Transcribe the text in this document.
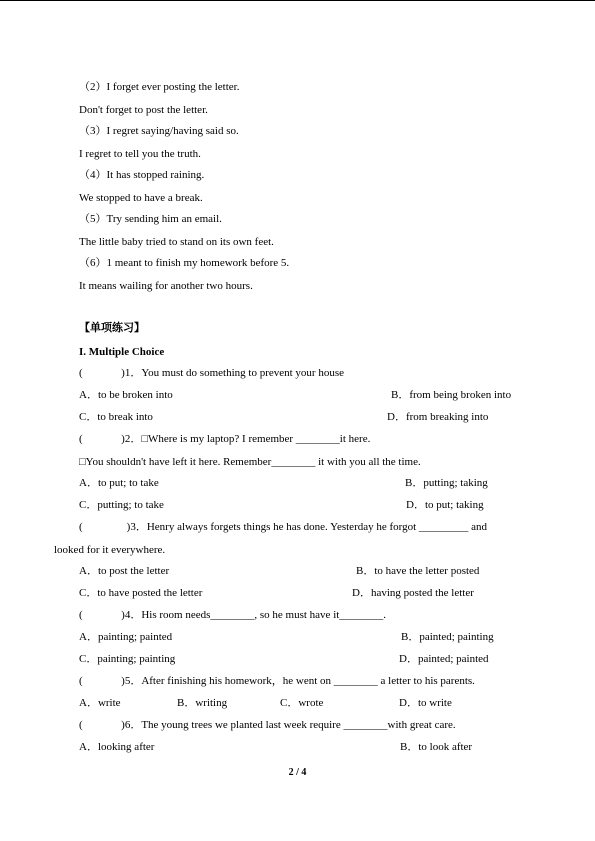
（2）I forget ever posting the letter.
Don't forget to post the letter.
（3）I regret saying/having said so.
I regret to tell you the truth.
（4）It has stopped raining.
We stopped to have a break.
（5）Try sending him an email.
The little baby tried to stand on its own feet.
（6）1 meant to finish my homework before 5.
It means wailing for another two hours.
【单项练习】
I. Multiple Choice
(              )1．You must do something to prevent your house
A．to be broken into	B．from being broken into
C．to break into	D．from breaking into
(              )2．□Where is my laptop? I remember ________it here.
□You shouldn't have left it here. Remember________ it with you all the time.
A．to put; to take	B．putting; taking
C．putting; to take	D．to put; taking
(                )3．Henry always forgets things he has done. Yesterday he forgot _________ and
looked for it everywhere.
A．to post the letter	B．to have the letter posted
C．to have posted the letter	D．having posted the letter
(              )4．His room needs________, so he must have it________.
A．painting; painted	B．painted; painting
C．painting; painting	D．painted; painted
(              )5．After finishing his homework，he went on ________ a letter to his parents.
A．write	B．writing	C．wrote	D．to write
(              )6．The young trees we planted last week require ________with great care.
A．looking after	B．to look after
2 / 4
